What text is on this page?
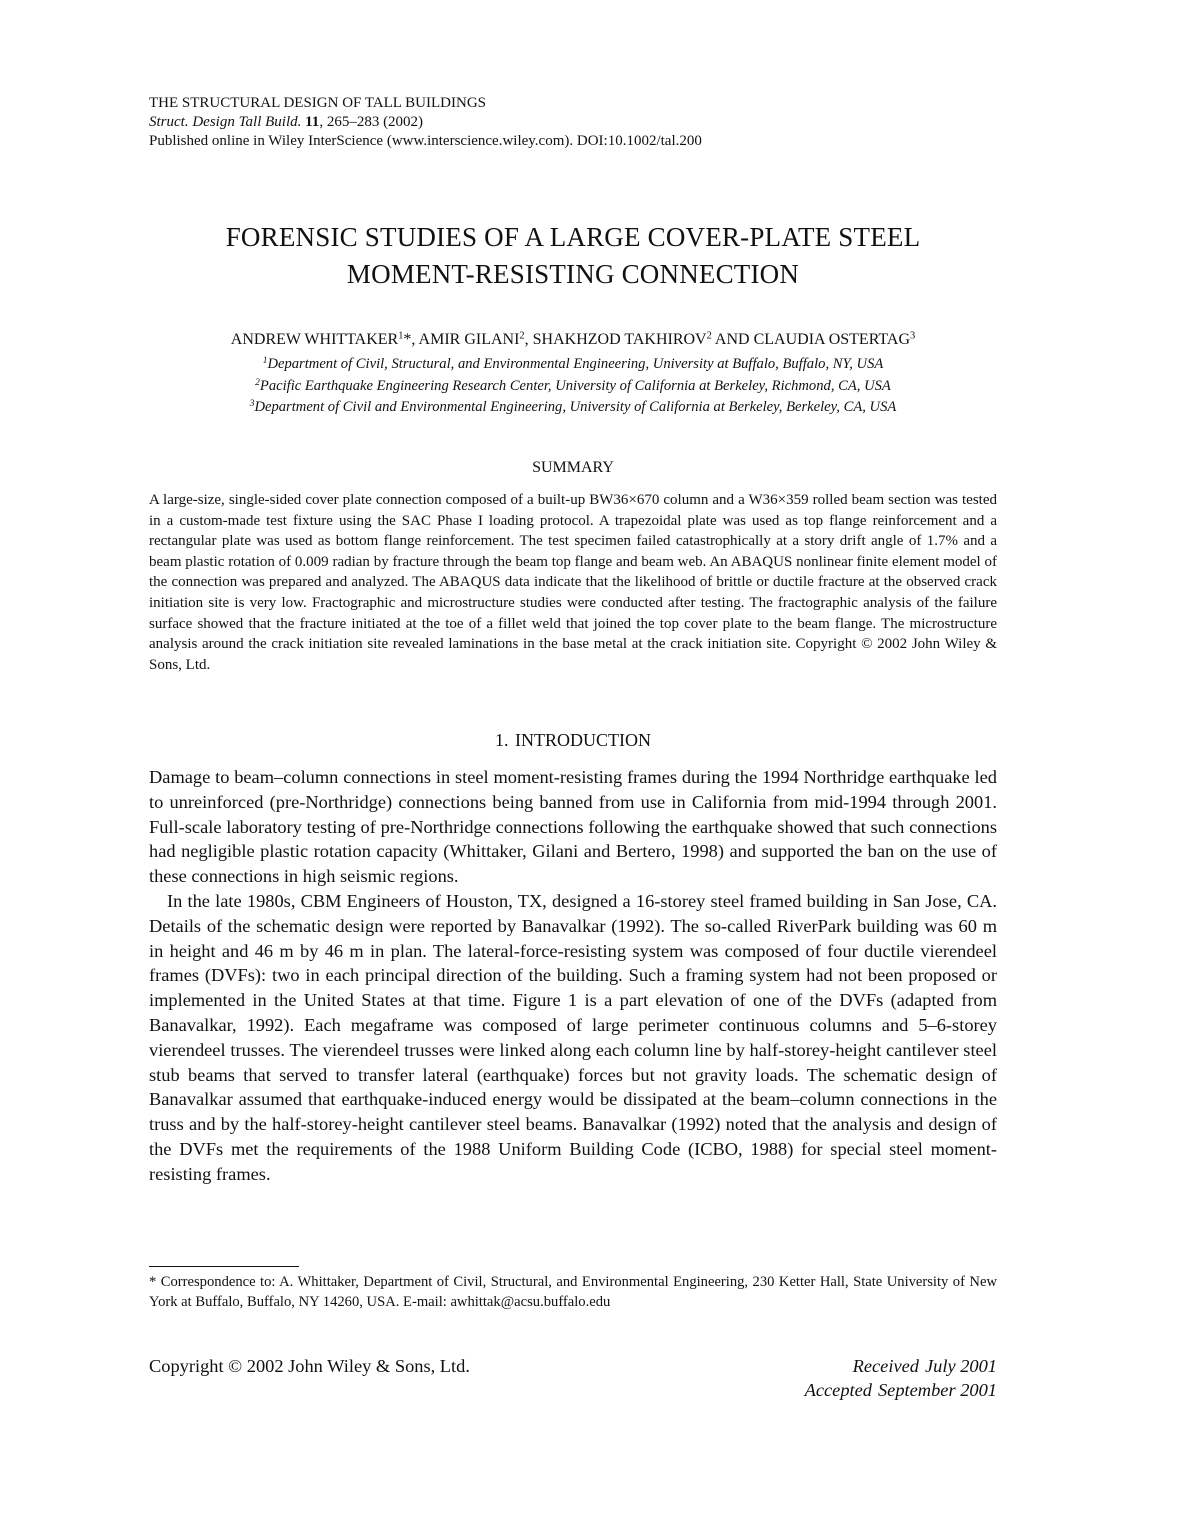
THE STRUCTURAL DESIGN OF TALL BUILDINGS
Struct. Design Tall Build. 11, 265–283 (2002)
Published online in Wiley InterScience (www.interscience.wiley.com). DOI:10.1002/tal.200
FORENSIC STUDIES OF A LARGE COVER-PLATE STEEL
MOMENT-RESISTING CONNECTION
ANDREW WHITTAKER$^1$*, AMIR GILANI$^2$, SHAKHZOD TAKHIROV$^2$ AND CLAUDIA OSTERTAG$^3$
$^1$Department of Civil, Structural, and Environmental Engineering, University at Buffalo, Buffalo, NY, USA
$^2$Pacific Earthquake Engineering Research Center, University of California at Berkeley, Richmond, CA, USA
$^3$Department of Civil and Environmental Engineering, University of California at Berkeley, Berkeley, CA, USA
SUMMARY
A large-size, single-sided cover plate connection composed of a built-up BW36×670 column and a W36×359 rolled beam section was tested in a custom-made test fixture using the SAC Phase I loading protocol. A trapezoidal plate was used as top flange reinforcement and a rectangular plate was used as bottom flange reinforcement. The test specimen failed catastrophically at a story drift angle of 1.7% and a beam plastic rotation of 0.009 radian by fracture through the beam top flange and beam web. An ABAQUS nonlinear finite element model of the connection was prepared and analyzed. The ABAQUS data indicate that the likelihood of brittle or ductile fracture at the observed crack initiation site is very low. Fractographic and microstructure studies were conducted after testing. The fractographic analysis of the failure surface showed that the fracture initiated at the toe of a fillet weld that joined the top cover plate to the beam flange. The microstructure analysis around the crack initiation site revealed laminations in the base metal at the crack initiation site. Copyright © 2002 John Wiley & Sons, Ltd.
1. INTRODUCTION

Damage to beam–column connections in steel moment-resisting frames during the 1994 Northridge earthquake led to unreinforced (pre-Northridge) connections being banned from use in California from mid-1994 through 2001. Full-scale laboratory testing of pre-Northridge connections following the earthquake showed that such connections had negligible plastic rotation capacity (Whittaker, Gilani and Bertero, 1998) and supported the ban on the use of these connections in high seismic regions.

In the late 1980s, CBM Engineers of Houston, TX, designed a 16-storey steel framed building in San Jose, CA. Details of the schematic design were reported by Banavalkar (1992). The so-called RiverPark building was 60 m in height and 46 m by 46 m in plan. The lateral-force-resisting system was composed of four ductile vierendeel frames (DVFs): two in each principal direction of the building. Such a framing system had not been proposed or implemented in the United States at that time. Figure 1 is a part elevation of one of the DVFs (adapted from Banavalkar, 1992). Each megaframe was composed of large perimeter continuous columns and 5–6-storey vierendeel trusses. The vierendeel trusses were linked along each column line by half-storey-height cantilever steel stub beams that served to transfer lateral (earthquake) forces but not gravity loads. The schematic design of Banavalkar assumed that earthquake-induced energy would be dissipated at the beam–column connections in the truss and by the half-storey-height cantilever steel beams. Banavalkar (1992) noted that the analysis and design of the DVFs met the requirements of the 1988 Uniform Building Code (ICBO, 1988) for special steel moment-resisting frames.

* Correspondence to: A. Whittaker, Department of Civil, Structural, and Environmental Engineering, 230 Ketter Hall, State University of New York at Buffalo, Buffalo, NY 14260, USA. E-mail: awhittak@acsu.buffalo.edu
Copyright © 2002 John Wiley & Sons, Ltd.	Received July 2001
Accepted September 2001
